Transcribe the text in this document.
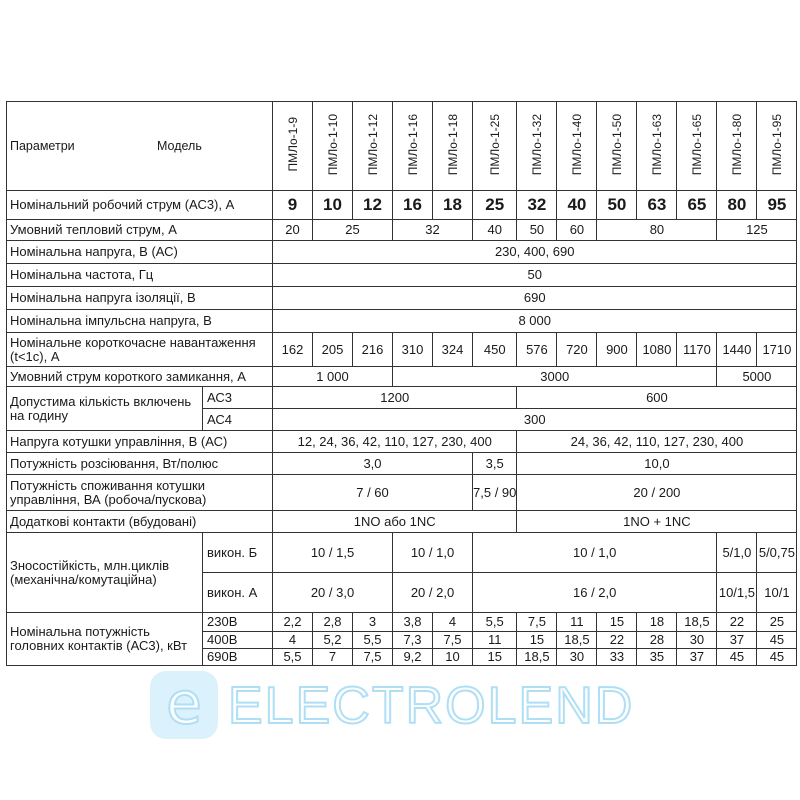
Параметри Модель		ПМЛо-1-9	ПМЛо-1-10	ПМЛо-1-12	ПМЛо-1-16	ПМЛо-1-18	ПМЛо-1-25	ПМЛо-1-32	ПМЛо-1-40	ПМЛо-1-50	ПМЛо-1-63	ПМЛо-1-65	ПМЛо-1-80	ПМЛо-1-95
Номінальний робочий струм (АС3), А		9	10	12	16	18	25	32	40	50	63	65	80	95
Умовний тепловий струм, А		20	25		32		40	50	60	80			125	
Номінальна напруга, В (АС)		230, 400, 690												
Номінальна частота, Гц		50												
Номінальна напруга ізоляції, В		690												
Номінальна імпульсна напруга, В		8 000												
Номінальне короткочасне навантаження (t<1c), А		162	205	216	310	324	450	576	720	900	1080	1170	1440	1710
Умовний струм короткого замикання, А		1 000			3000								5000	
Допустима кількість включень на годину	АС3	1200						600						
	АС4	300												
Напруга котушки управління, В (АС)		12, 24, 36, 42, 110, 127, 230, 400						24, 36, 42, 110, 127, 230, 400						
Потужність розсіювання, Вт/полюс		3,0					3,5	10,0						
Потужність споживання котушки управління, ВА (робоча/пускова)		7 / 60					7,5 / 90	20 / 200						
Додаткові контакти (вбудовані)		1NO або 1NC						1NO + 1NC						
Зносостійкість, млн.циклів (механічна/комутаційна)	викон. Б	10 / 1,5			10 / 1,0		10 / 1,0						5/1,0	5/0,75
	викон. А	20 / 3,0			20 / 2,0		16 / 2,0						10/1,5	10/1
Номінальна потужність головних контактів (АС3), кВт	230В	2,2	2,8	3	3,8	4	5,5	7,5	11	15	18	18,5	22	25
	400В	4	5,2	5,5	7,3	7,5	11	15	18,5	22	28	30	37	45
	690В	5,5	7	7,5	9,2	10	15	18,5	30	33	35	37	45	45
e ELECTROLEND
